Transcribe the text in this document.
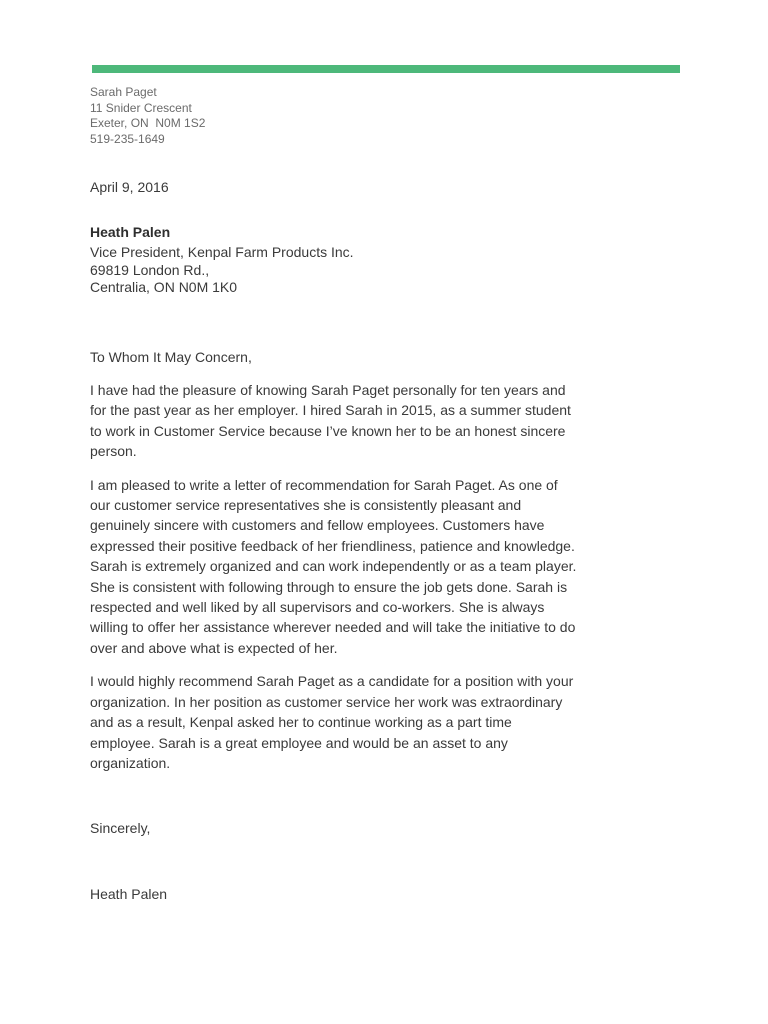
Sarah Paget
11 Snider Crescent
Exeter, ON  N0M 1S2
519-235-1649
April 9, 2016
Heath Palen
Vice President, Kenpal Farm Products Inc.
69819 London Rd.,
Centralia, ON N0M 1K0
To Whom It May Concern,

I have had the pleasure of knowing Sarah Paget personally for ten years and for the past year as her employer. I hired Sarah in 2015, as a summer student to work in Customer Service because I’ve known her to be an honest sincere person.

I am pleased to write a letter of recommendation for Sarah Paget. As one of our customer service representatives she is consistently pleasant and genuinely sincere with customers and fellow employees. Customers have expressed their positive feedback of her friendliness, patience and knowledge. Sarah is extremely organized and can work independently or as a team player. She is consistent with following through to ensure the job gets done. Sarah is respected and well liked by all supervisors and co-workers. She is always willing to offer her assistance wherever needed and will take the initiative to do over and above what is expected of her.

I would highly recommend Sarah Paget as a candidate for a position with your organization. In her position as customer service her work was extraordinary and as a result, Kenpal asked her to continue working as a part time employee. Sarah is a great employee and would be an asset to any organization.

Sincerely,
Heath Palen
